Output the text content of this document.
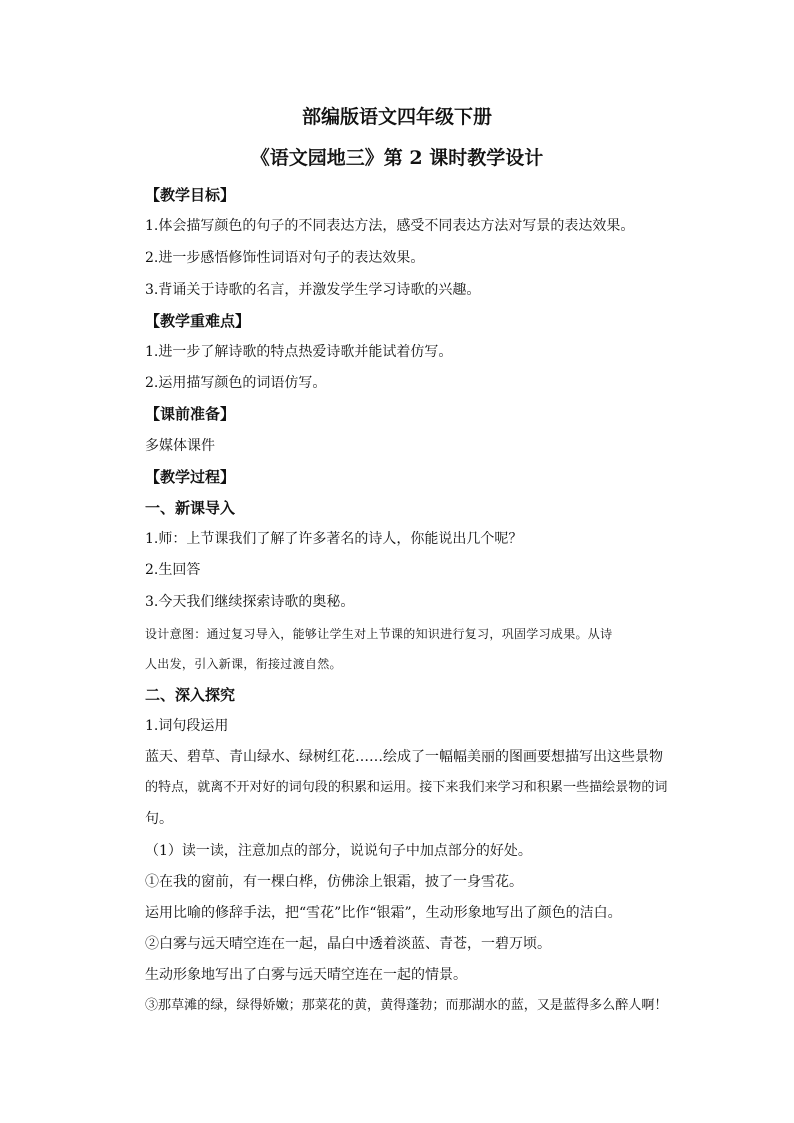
部编版语文四年级下册
《语文园地三》第 2 课时教学设计
【教学目标】
1.体会描写颜色的句子的不同表达方法，感受不同表达方法对写景的表达效果。
2.进一步感悟修饰性词语对句子的表达效果。
3.背诵关于诗歌的名言，并激发学生学习诗歌的兴趣。
【教学重难点】
1.进一步了解诗歌的特点热爱诗歌并能试着仿写。
2.运用描写颜色的词语仿写。
【课前准备】
多媒体课件
【教学过程】
一、新课导入
1.师：上节课我们了解了许多著名的诗人，你能说出几个呢？
2.生回答
3.今天我们继续探索诗歌的奥秘。
设计意图：通过复习导入，能够让学生对上节课的知识进行复习，巩固学习成果。从诗
人出发，引入新课，衔接过渡自然。
二、深入探究
1.词句段运用
蓝天、碧草、青山绿水、绿树红花……绘成了一幅幅美丽的图画要想描写出这些景物
的特点，就离不开对好的词句段的积累和运用。接下来我们来学习和积累一些描绘景物的词
句。
（1）读一读，注意加点的部分，说说句子中加点部分的好处。
①在我的窗前，有一棵白桦，仿佛涂上银霜，披了一身雪花。
运用比喻的修辞手法，把“雪花”比作“银霜”，生动形象地写出了颜色的洁白。
②白雾与远天晴空连在一起，晶白中透着淡蓝、青苍，一碧万顷。
生动形象地写出了白雾与远天晴空连在一起的情景。
③那草滩的绿，绿得娇嫩；那菜花的黄，黄得蓬勃；而那湖水的蓝，又是蓝得多么醉人啊！
